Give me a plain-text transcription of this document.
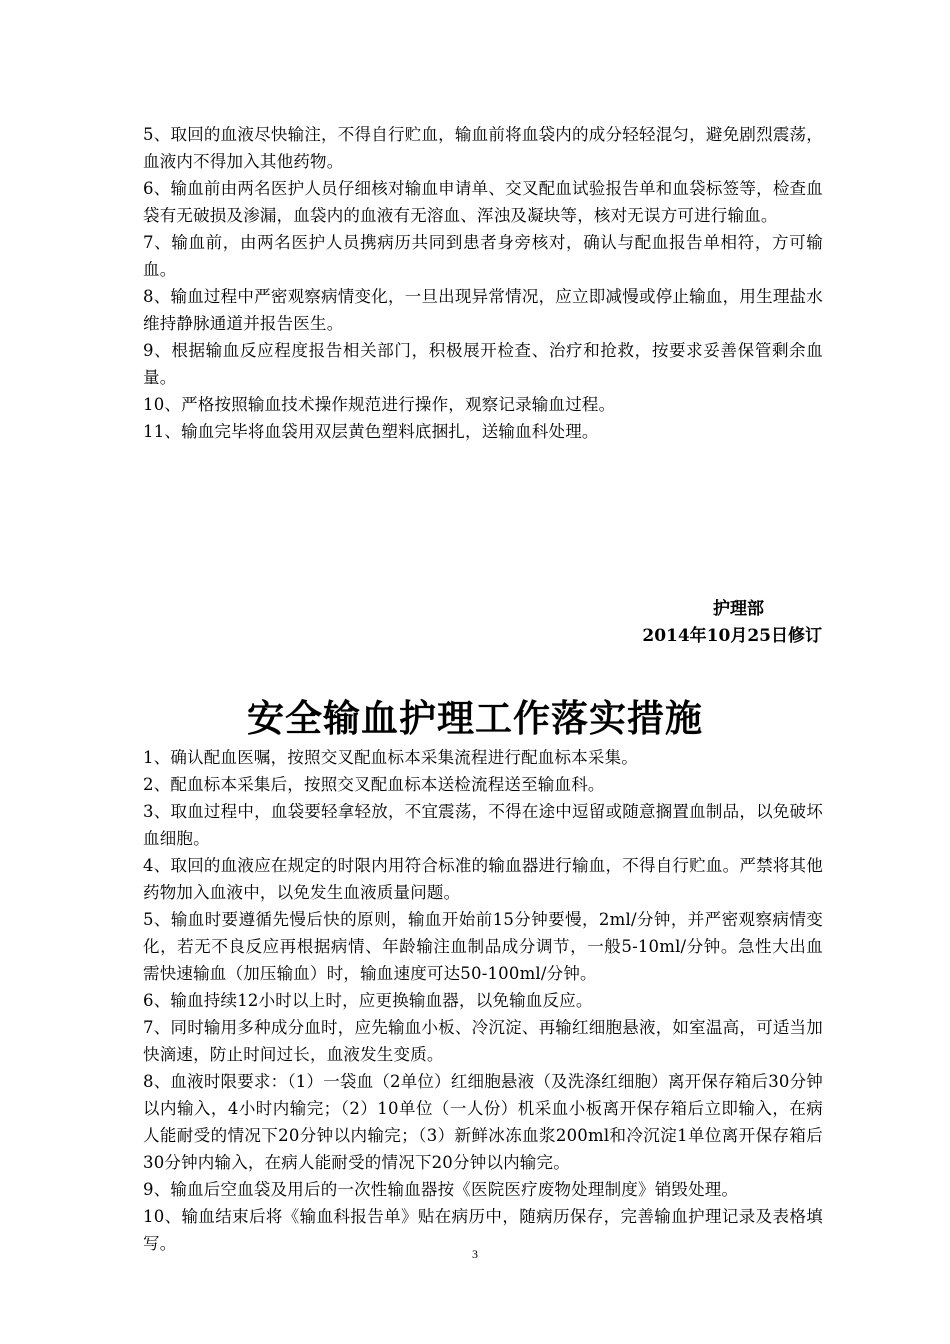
5、取回的血液尽快输注，不得自行贮血，输血前将血袋内的成分轻轻混匀，避免剧烈震荡，血液内不得加入其他药物。
6、输血前由两名医护人员仔细核对输血申请单、交叉配血试验报告单和血袋标签等，检查血袋有无破损及渗漏，血袋内的血液有无溶血、浑浊及凝块等，核对无误方可进行输血。
7、输血前，由两名医护人员携病历共同到患者身旁核对，确认与配血报告单相符，方可输血。
8、输血过程中严密观察病情变化，一旦出现异常情况，应立即减慢或停止输血，用生理盐水维持静脉通道并报告医生。
9、根据输血反应程度报告相关部门，积极展开检查、治疗和抢救，按要求妥善保管剩余血量。
10、严格按照输血技术操作规范进行操作，观察记录输血过程。
11、输血完毕将血袋用双层黄色塑料底捆扎，送输血科处理。
护理部
2014年10月25日修订
安全输血护理工作落实措施
1、确认配血医嘱，按照交叉配血标本采集流程进行配血标本采集。
2、配血标本采集后，按照交叉配血标本送检流程送至输血科。
3、取血过程中，血袋要轻拿轻放，不宜震荡，不得在途中逗留或随意搁置血制品，以免破坏血细胞。
4、取回的血液应在规定的时限内用符合标准的输血器进行输血，不得自行贮血。严禁将其他药物加入血液中，以免发生血液质量问题。
5、输血时要遵循先慢后快的原则，输血开始前15分钟要慢，2ml/分钟，并严密观察病情变化，若无不良反应再根据病情、年龄输注血制品成分调节，一般5-10ml/分钟。急性大出血需快速输血（加压输血）时，输血速度可达50-100ml/分钟。
6、输血持续12小时以上时，应更换输血器，以免输血反应。
7、同时输用多种成分血时，应先输血小板、冷沉淀、再输红细胞悬液，如室温高，可适当加快滴速，防止时间过长，血液发生变质。
8、血液时限要求：（1）一袋血（2单位）红细胞悬液（及洗涤红细胞）离开保存箱后30分钟以内输入，4小时内输完；（2）10单位（一人份）机采血小板离开保存箱后立即输入，在病人能耐受的情况下20分钟以内输完；（3）新鲜冰冻血浆200ml和冷沉淀1单位离开保存箱后30分钟内输入，在病人能耐受的情况下20分钟以内输完。
9、输血后空血袋及用后的一次性输血器按《医院医疗废物处理制度》销毁处理。
10、输血结束后将《输血科报告单》贴在病历中，随病历保存，完善输血护理记录及表格填写。
3
